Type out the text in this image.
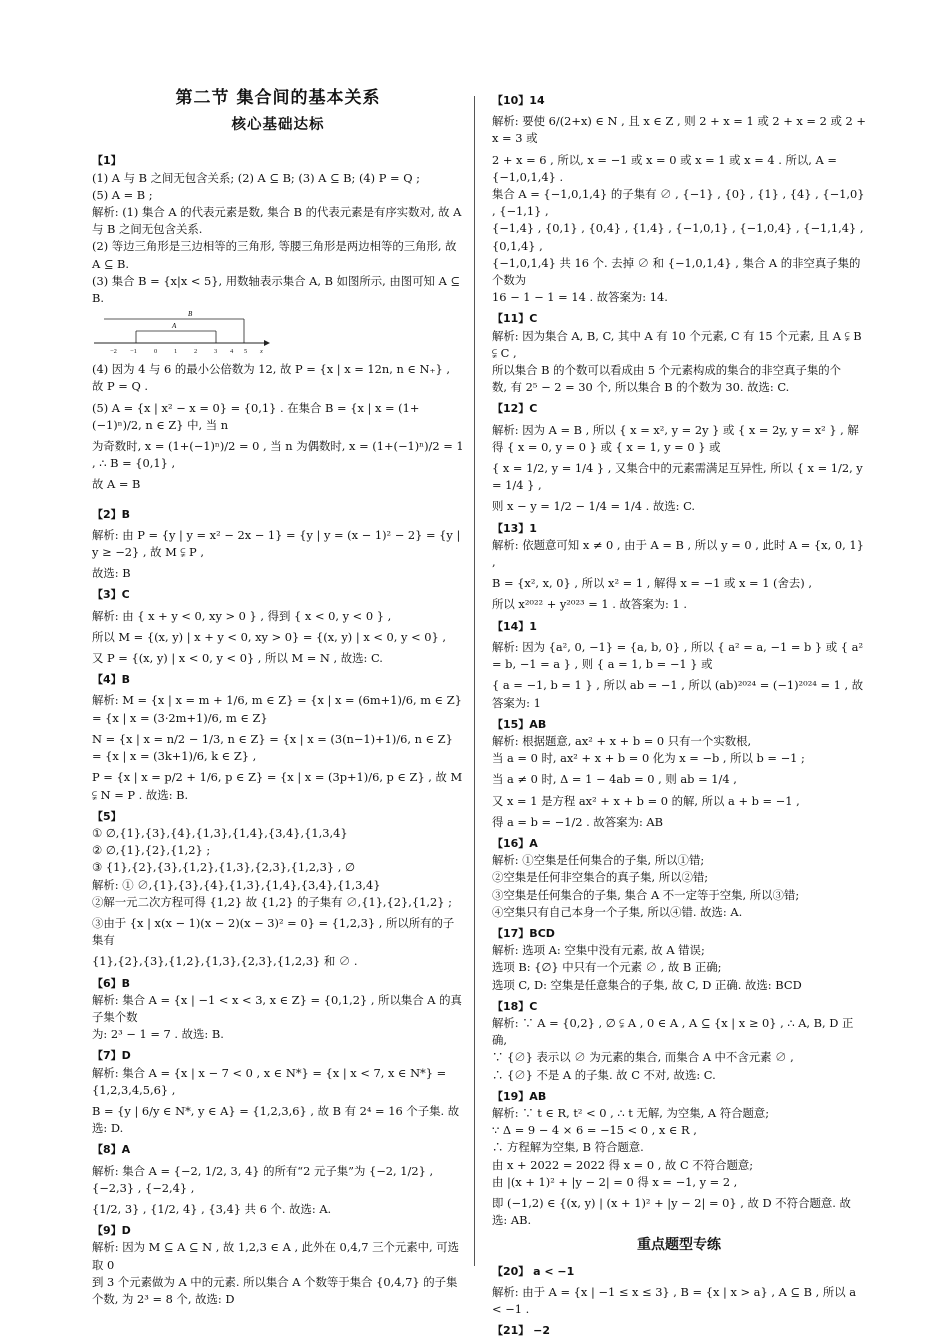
第二节 集合间的基本关系
核心基础达标
【1】
(1) A 与 B 之间无包含关系; (2) A ⊆ B; (3) A ⊆ B; (4) P = Q ;
(5) A = B ;
解析: (1) 集合 A 的代表元素是数, 集合 B 的代表元素是有序实数对, 故 A 与 B 之间无包含关系.
(2) 等边三角形是三边相等的三角形, 等腰三角形是两边相等的三角形, 故 A ⊆ B.
(3) 集合 B = {x|x < 5}, 用数轴表示集合 A, B 如图所示, 由图可知 A ⊆ B.
B
A
−2 −1	0	1	2	3 4 5 x
(4) 因为 4 与 6 的最小公倍数为 12, 故 P = {x | x = 12n, n ∈ N₊} , 故 P = Q .
(5) A = {x | x² − x = 0} = {0,1} . 在集合 B = {x | x = (1+(−1)ⁿ)/2, n ∈ Z} 中, 当 n
为奇数时, x = (1+(−1)ⁿ)/2 = 0 , 当 n 为偶数时, x = (1+(−1)ⁿ)/2 = 1 , ∴ B = {0,1} ,
故 A = B
【2】B
解析: 由 P = {y | y = x² − 2x − 1} = {y | y = (x − 1)² − 2} = {y | y ≥ −2} , 故 M ⫋ P ,
故选: B
【3】C
解析: 由 { x + y < 0, xy > 0 } , 得到 { x < 0, y < 0 } ,
所以 M = {(x, y) | x + y < 0, xy > 0} = {(x, y) | x < 0, y < 0} ,
又 P = {(x, y) | x < 0, y < 0} , 所以 M = N , 故选: C.
【4】B
解析: M = {x | x = m + 1/6, m ∈ Z} = {x | x = (6m+1)/6, m ∈ Z} = {x | x = (3·2m+1)/6, m ∈ Z}
N = {x | x = n/2 − 1/3, n ∈ Z} = {x | x = (3(n−1)+1)/6, n ∈ Z} = {x | x = (3k+1)/6, k ∈ Z} ,
P = {x | x = p/2 + 1/6, p ∈ Z} = {x | x = (3p+1)/6, p ∈ Z} , 故 M ⫋ N = P . 故选: B.
【5】
① ∅,{1},{3},{4},{1,3},{1,4},{3,4},{1,3,4}
② ∅,{1},{2},{1,2} ;
③ {1},{2},{3},{1,2},{1,3},{2,3},{1,2,3} , ∅
解析: ① ∅,{1},{3},{4},{1,3},{1,4},{3,4},{1,3,4}
②解一元二次方程可得 {1,2} 故 {1,2} 的子集有 ∅,{1},{2},{1,2} ;
③由于 {x | x(x − 1)(x − 2)(x − 3)² = 0} = {1,2,3} , 所以所有的子集有
{1},{2},{3},{1,2},{1,3},{2,3},{1,2,3} 和 ∅ .
【6】B
解析: 集合 A = {x | −1 < x < 3, x ∈ Z} = {0,1,2} , 所以集合 A 的真子集个数
为: 2³ − 1 = 7 . 故选: B.
【7】D
解析: 集合 A = {x | x − 7 < 0 , x ∈ N*} = {x | x < 7, x ∈ N*} = {1,2,3,4,5,6} ,
B = {y | 6/y ∈ N*, y ∈ A} = {1,2,3,6} , 故 B 有 2⁴ = 16 个子集. 故选: D.
【8】A
解析: 集合 A = {−2, 1/2, 3, 4} 的所有“2 元子集”为 {−2, 1/2} , {−2,3} , {−2,4} ,
{1/2, 3} , {1/2, 4} , {3,4} 共 6 个. 故选: A.
【9】D
解析: 因为 M ⊆ A ⊆ N , 故 1,2,3 ∈ A , 此外在 0,4,7 三个元素中, 可选取 0
到 3 个元素做为 A 中的元素. 所以集合 A 个数等于集合 {0,4,7} 的子集
个数, 为 2³ = 8 个, 故选: D
【10】14
解析: 要使 6/(2+x) ∈ N , 且 x ∈ Z , 则 2 + x = 1 或 2 + x = 2 或 2 + x = 3 或
2 + x = 6 , 所以, x = −1 或 x = 0 或 x = 1 或 x = 4 . 所以, A = {−1,0,1,4} .
集合 A = {−1,0,1,4} 的子集有 ∅ , {−1} , {0} , {1} , {4} , {−1,0} , {−1,1} ,
{−1,4} , {0,1} , {0,4} , {1,4} , {−1,0,1} , {−1,0,4} , {−1,1,4} , {0,1,4} ,
{−1,0,1,4} 共 16 个. 去掉 ∅ 和 {−1,0,1,4} , 集合 A 的非空真子集的个数为
16 − 1 − 1 = 14 . 故答案为: 14.
【11】C
解析: 因为集合 A, B, C, 其中 A 有 10 个元素, C 有 15 个元素, 且 A ⫋ B ⫋ C ,
所以集合 B 的个数可以看成由 5 个元素构成的集合的非空真子集的个
数, 有 2⁵ − 2 = 30 个, 所以集合 B 的个数为 30. 故选: C.
【12】C
解析: 因为 A = B , 所以 { x = x², y = 2y } 或 { x = 2y, y = x² } , 解得 { x = 0, y = 0 } 或 { x = 1, y = 0 } 或
{ x = 1/2, y = 1/4 } , 又集合中的元素需满足互异性, 所以 { x = 1/2, y = 1/4 } ,
则 x − y = 1/2 − 1/4 = 1/4 . 故选: C.
【13】1
解析: 依题意可知 x ≠ 0 , 由于 A = B , 所以 y = 0 , 此时 A = {x, 0, 1} ,
B = {x², x, 0} , 所以 x² = 1 , 解得 x = −1 或 x = 1 (舍去) ,
所以 x²⁰²² + y²⁰²³ = 1 . 故答案为: 1 .
【14】1
解析: 因为 {a², 0, −1} = {a, b, 0} , 所以 { a² = a, −1 = b } 或 { a² = b, −1 = a } , 则 { a = 1, b = −1 } 或
{ a = −1, b = 1 } , 所以 ab = −1 , 所以 (ab)²⁰²⁴ = (−1)²⁰²⁴ = 1 , 故答案为: 1
【15】AB
解析: 根据题意, ax² + x + b = 0 只有一个实数根,
当 a = 0 时, ax² + x + b = 0 化为 x = −b , 所以 b = −1 ;
当 a ≠ 0 时, Δ = 1 − 4ab = 0 , 则 ab = 1/4 ,
又 x = 1 是方程 ax² + x + b = 0 的解, 所以 a + b = −1 ,
得 a = b = −1/2 . 故答案为: AB
【16】A
解析: ①空集是任何集合的子集, 所以①错;
②空集是任何非空集合的真子集, 所以②错;
③空集是任何集合的子集, 集合 A 不一定等于空集, 所以③错;
④空集只有自己本身一个子集, 所以④错. 故选: A.
【17】BCD
解析: 选项 A: 空集中没有元素, 故 A 错误;
选项 B: {∅} 中只有一个元素 ∅ , 故 B 正确;
选项 C, D: 空集是任意集合的子集, 故 C, D 正确. 故选: BCD
【18】C
解析: ∵ A = {0,2} , ∅ ⫋ A , 0 ∈ A , A ⊆ {x | x ≥ 0} , ∴ A, B, D 正确,
∵ {∅} 表示以 ∅ 为元素的集合, 而集合 A 中不含元素 ∅ ,
∴ {∅} 不是 A 的子集. 故 C 不对, 故选: C.
【19】AB
解析: ∵ t ∈ R, t² < 0 , ∴ t 无解, 为空集, A 符合题意;
∵ Δ = 9 − 4 × 6 = −15 < 0 , x ∈ R ,
∴ 方程解为空集, B 符合题意.
由 x + 2022 = 2022 得 x = 0 , 故 C 不符合题意;
由 |(x + 1)² + |y − 2| = 0 得 x = −1, y = 2 ,
即 (−1,2) ∈ {(x, y) | (x + 1)² + |y − 2| = 0} , 故 D 不符合题意. 故选: AB.
重点题型专练
【20】 a < −1
解析: 由于 A = {x | −1 ≤ x ≤ 3} , B = {x | x > a} , A ⊆ B , 所以 a < −1 .
【21】 −2
